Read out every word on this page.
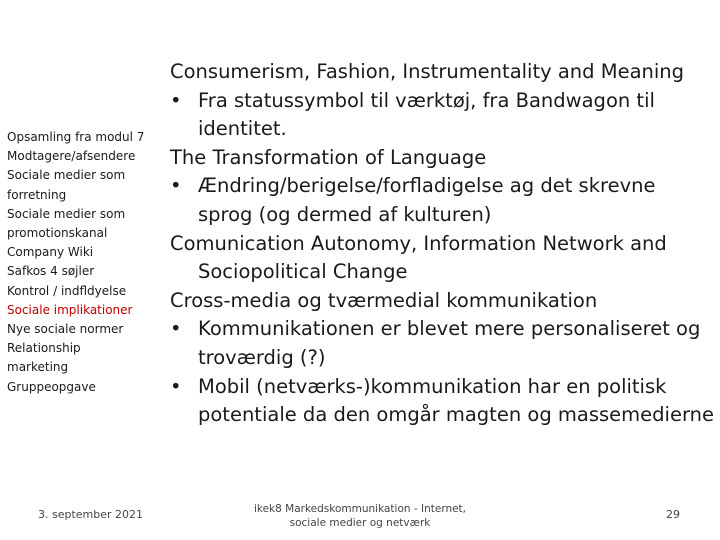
Opsamling fra modul 7
Modtagere/afsendere
Sociale medier som
forretning
Sociale medier som
promotionskanal
Company Wiki
Safkos 4 søjler
Kontrol / indfldyelse
Sociale implikationer
Nye sociale normer
Relationship
marketing
Gruppeopgave
Consumerism, Fashion, Instrumentality and Meaning
• Fra statussymbol til værktøj, fra Bandwagon til identitet.
The Transformation of Language
• Ændring/berigelse/forfladigelse ag det skrevne sprog (og dermed af kulturen)
Comunication Autonomy, Information Network and Sociopolitical Change
Cross-media og tværmedial kommunikation
• Kommunikationen er blevet mere personaliseret og troværdig (?)
• Mobil (netværks-)kommunikation har en politisk potentiale da den omgår magten og massemedierne
3. september 2021	ikek8 Markedskommunikation - Internet,
sociale medier og netværk
29
